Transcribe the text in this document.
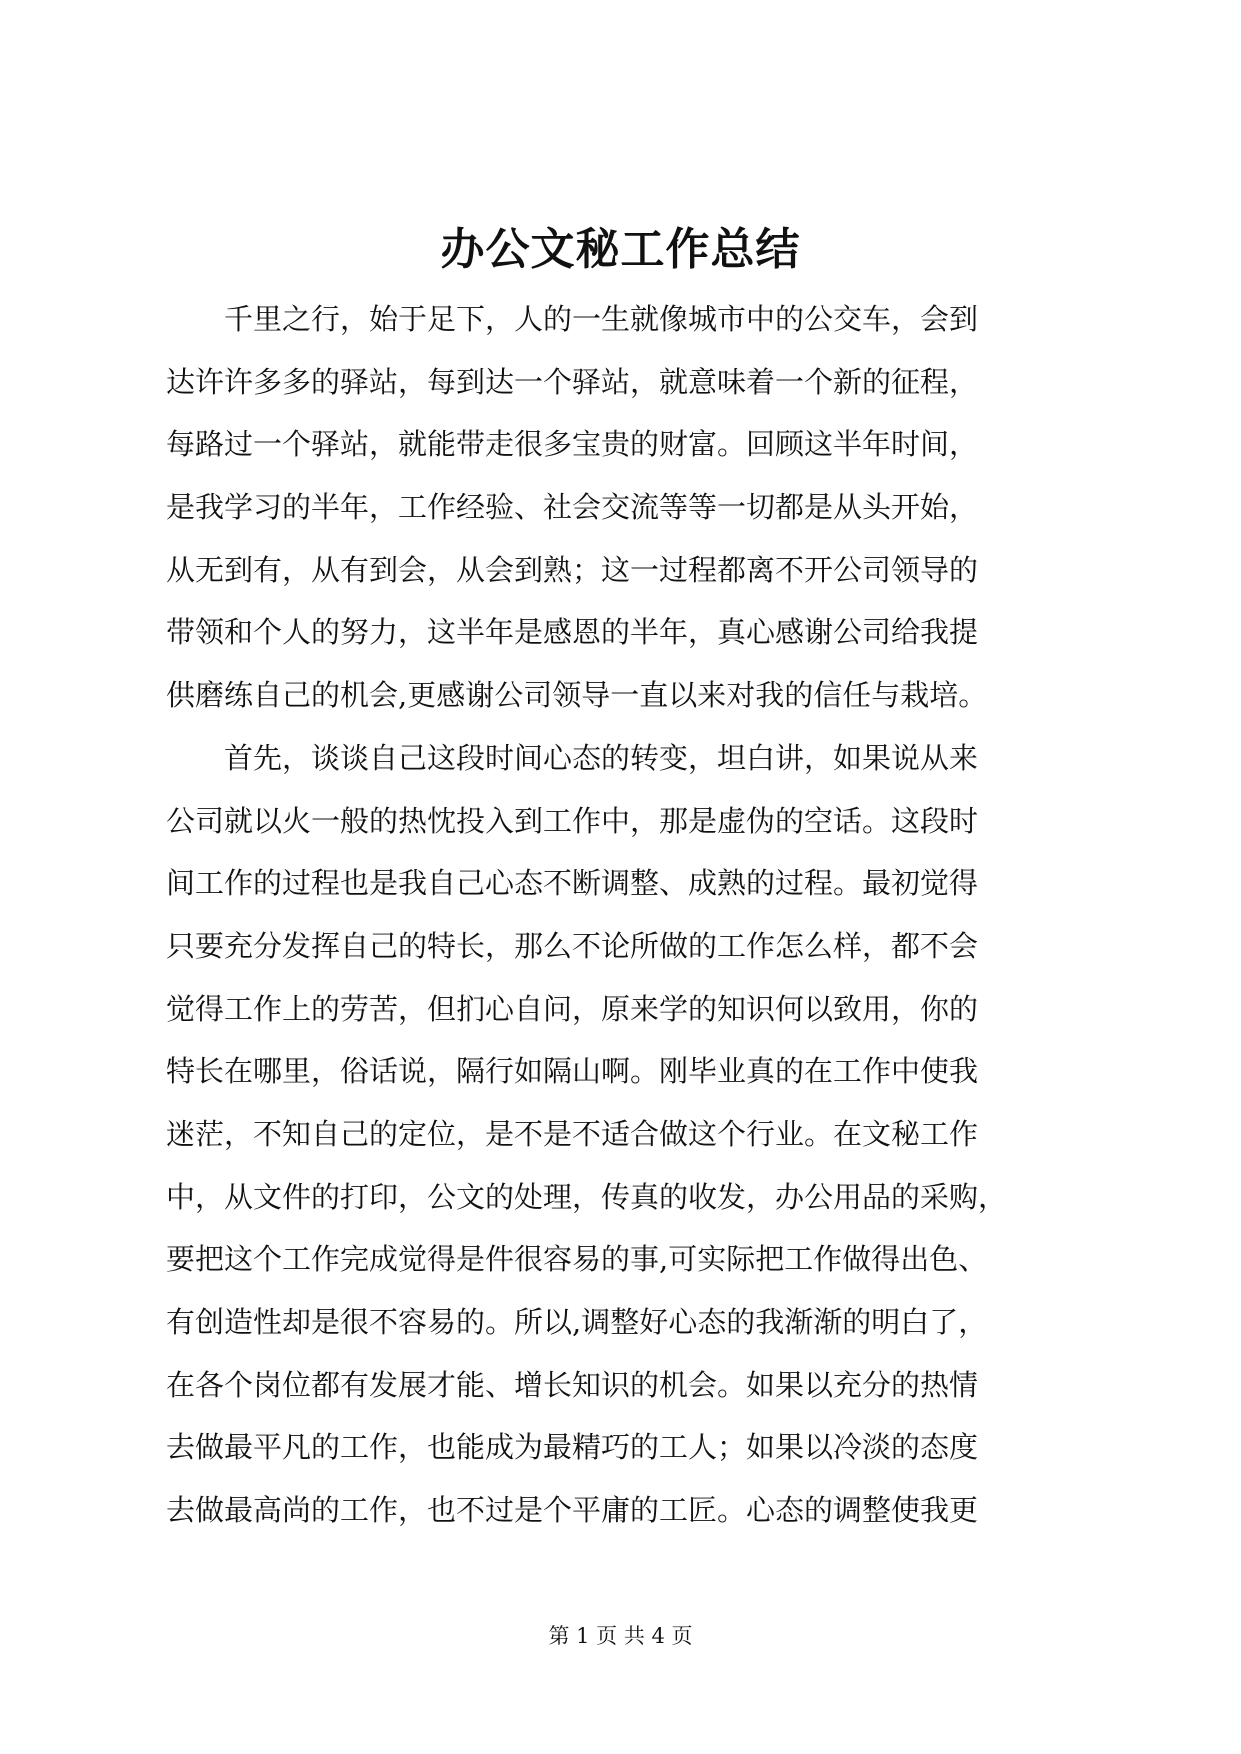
办公文秘工作总结
　　千里之行，始于足下，人的一生就像城市中的公交车，会到
达许许多多的驿站，每到达一个驿站，就意味着一个新的征程，
每路过一个驿站，就能带走很多宝贵的财富。回顾这半年时间，
是我学习的半年，工作经验、社会交流等等一切都是从头开始，
从无到有，从有到会，从会到熟；这一过程都离不开公司领导的
带领和个人的努力，这半年是感恩的半年，真心感谢公司给我提
供磨练自己的机会,更感谢公司领导一直以来对我的信任与栽培。
　　首先，谈谈自己这段时间心态的转变，坦白讲，如果说从来
公司就以火一般的热忱投入到工作中，那是虚伪的空话。这段时
间工作的过程也是我自己心态不断调整、成熟的过程。最初觉得
只要充分发挥自己的特长，那么不论所做的工作怎么样，都不会
觉得工作上的劳苦，但扪心自问，原来学的知识何以致用，你的
特长在哪里，俗话说，隔行如隔山啊。刚毕业真的在工作中使我
迷茫，不知自己的定位，是不是不适合做这个行业。在文秘工作
中，从文件的打印，公文的处理，传真的收发，办公用品的采购，
要把这个工作完成觉得是件很容易的事,可实际把工作做得出色、
有创造性却是很不容易的。所以,调整好心态的我渐渐的明白了，
在各个岗位都有发展才能、增长知识的机会。如果以充分的热情
去做最平凡的工作，也能成为最精巧的工人；如果以冷淡的态度
去做最高尚的工作，也不过是个平庸的工匠。心态的调整使我更
第 1 页 共 4 页
